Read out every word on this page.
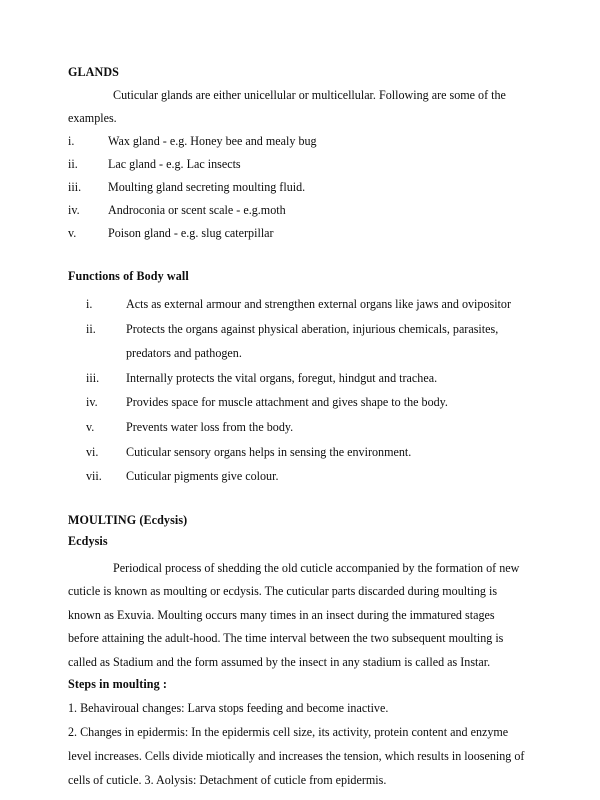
GLANDS

Cuticular glands are either unicellular or multicellular. Following are some of the examples.

i.	Wax gland - e.g. Honey bee and mealy bug
ii.	Lac gland - e.g. Lac insects
iii.	Moulting gland secreting moulting fluid.
iv.	Androconia or scent scale - e.g.moth
v.	Poison gland - e.g. slug caterpillar
Functions of Body wall
i.	Acts as external armour and strengthen external organs like jaws and ovipositor
ii.	Protects the organs against physical aberation, injurious chemicals, parasites, predators and pathogen.
iii.	Internally protects the vital organs, foregut, hindgut and trachea.
iv.	Provides space for muscle attachment and gives shape to the body.
v.	Prevents water loss from the body.
vi.	Cuticular sensory organs helps in sensing the environment.
vii.	Cuticular pigments give colour.
MOULTING (Ecdysis)
Ecdysis

Periodical process of shedding the old cuticle accompanied by the formation of new cuticle is known as moulting or ecdysis. The cuticular parts discarded during moulting is known as Exuvia. Moulting occurs many times in an insect during the immatured stages before attaining the adult-hood. The time interval between the two subsequent moulting is called as Stadium and the form assumed by the insect in any stadium is called as Instar.

Steps in moulting :

1. Behaviroual changes: Larva stops feeding and become inactive.

2. Changes in epidermis: In the epidermis cell size, its activity, protein content and enzyme level increases. Cells divide miotically and increases the tension, which results in loosening of cells of cuticle. 3. Aolysis: Detachment of cuticle from epidermis.
